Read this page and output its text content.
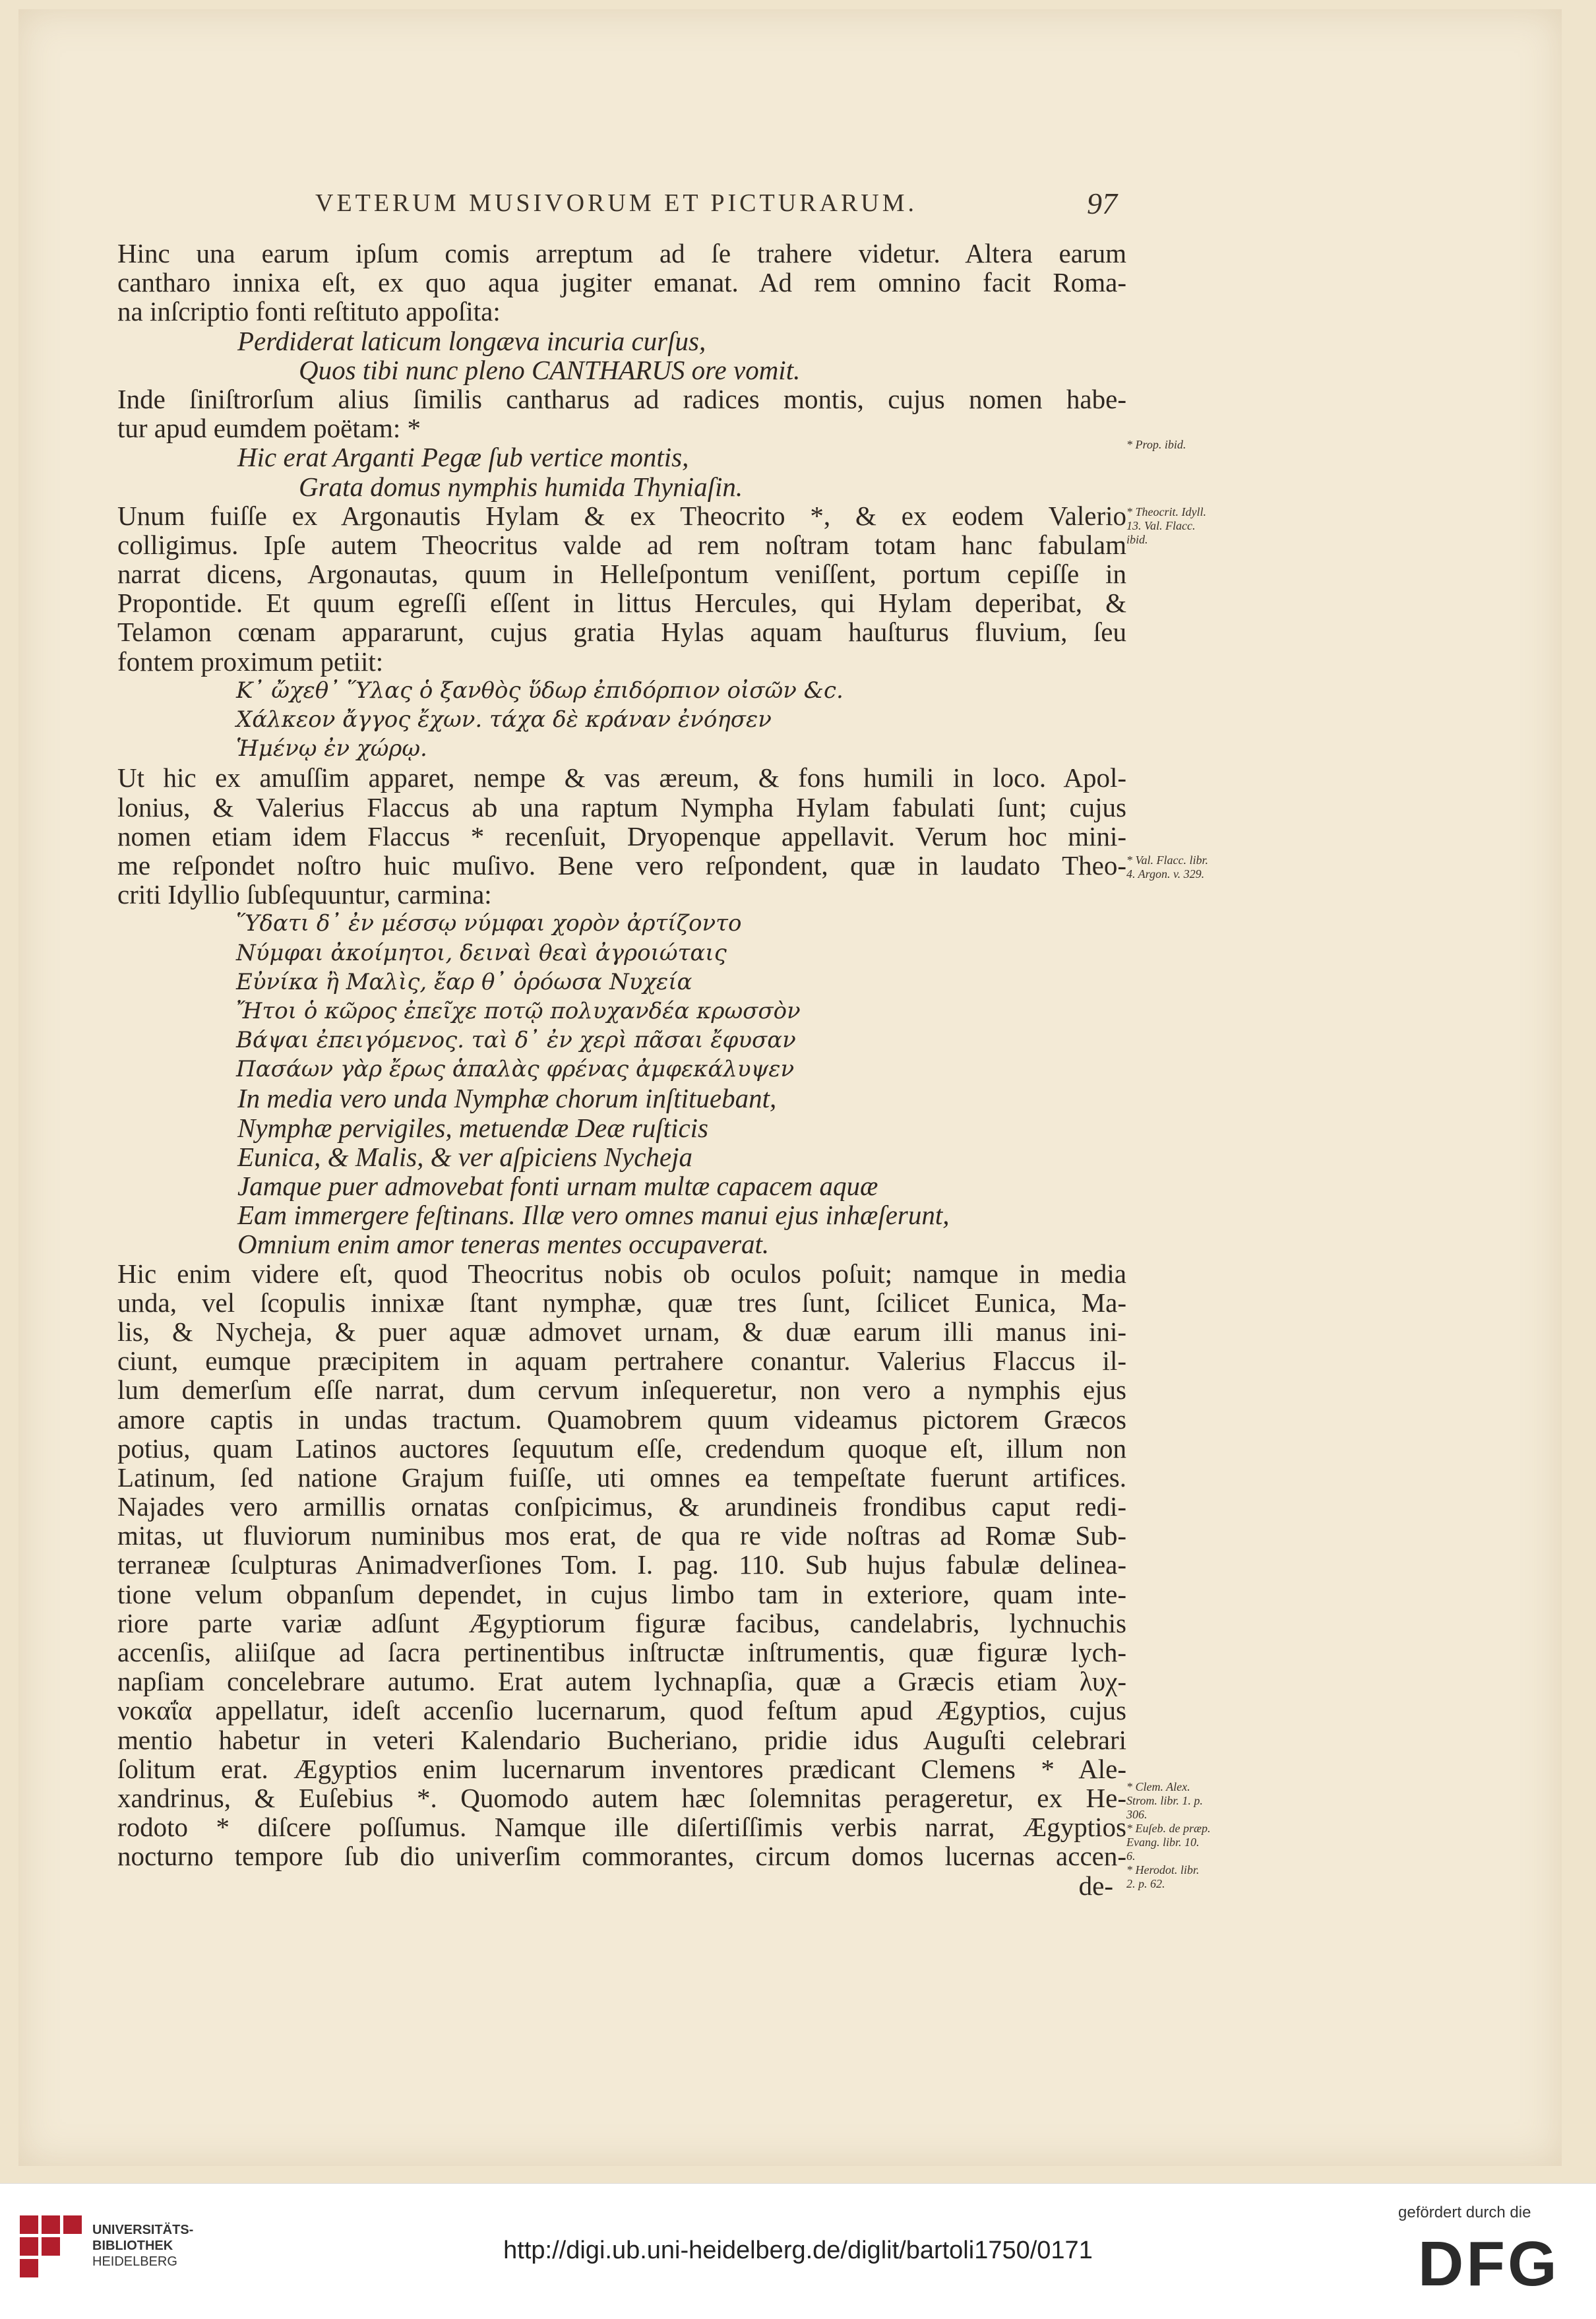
VETERUM MUSIVORUM ET PICTURARUM.	97
Hinc una earum ipſum comis arreptum ad ſe trahere videtur. Altera earum
cantharo innixa eſt, ex quo aqua jugiter emanat. Ad rem omnino facit Roma-
na inſcriptio fonti reſtituto appoſita:
Perdiderat laticum longæva incuria curſus,
Quos tibi nunc pleno CANTHARUS ore vomit.
Inde ſiniſtrorſum alius ſimilis cantharus ad radices montis, cujus nomen habe-
tur apud eumdem poëtam: *
Hic erat Arganti Pegæ ſub vertice montis,
Grata domus nymphis humida Thyniaſin.
Unum fuiſſe ex Argonautis Hylam & ex Theocrito *, & ex eodem Valerio
colligimus. Ipſe autem Theocritus valde ad rem noſtram totam hanc fabulam
narrat dicens, Argonautas, quum in Helleſpontum veniſſent, portum cepiſſe in
Propontide. Et quum egreſſi eſſent in littus Hercules, qui Hylam deperibat, &
Telamon cœnam appararunt, cujus gratia Hylas aquam hauſturus fluvium, ſeu
fontem proximum petiit:
Κ᾽ ὤχεθ᾽ Ὕλας ὁ ξανθὸς ὕδωρ ἐπιδόρπιον οἰσῶν &c.
Χάλκεον ἄγγος ἔχων. τάχα δὲ κράναν ἐνόησεν
Ἡμένῳ ἐν χώρῳ.
Ut hic ex amuſſim apparet, nempe & vas æreum, & fons humili in loco. Apol-
lonius, & Valerius Flaccus ab una raptum Nympha Hylam fabulati ſunt; cujus
nomen etiam idem Flaccus * recenſuit, Dryopenque appellavit. Verum hoc mini-
me reſpondet noſtro huic muſivo. Bene vero reſpondent, quæ in laudato Theo-
criti Idyllio ſubſequuntur, carmina:
Ὕδατι δ᾽ ἐν μέσσῳ νύμφαι χορὸν ἀρτίζοντο
Νύμφαι ἀκοίμητοι, δειναὶ θεαὶ ἀγροιώταις
Εὐνίκα ἢ Μαλὶς, ἔαρ θ᾽ ὁρόωσα Νυχεία
Ἤτοι ὁ κῶρος ἐπεῖχε ποτῷ πολυχανδέα κρωσσὸν
Βάψαι ἐπειγόμενος. ταὶ δ᾽ ἐν χερὶ πᾶσαι ἔφυσαν
Πασάων γὰρ ἔρως ἁπαλὰς φρένας ἀμφεκάλυψεν
In media vero unda Nymphæ chorum inſtituebant,
Nymphæ pervigiles, metuendæ Deæ ruſticis
Eunica, & Malis, & ver aſpiciens Nycheja
Jamque puer admovebat fonti urnam multæ capacem aquæ
Eam immergere feſtinans. Illæ vero omnes manui ejus inhæſerunt,
Omnium enim amor teneras mentes occupaverat.
Hic enim videre eſt, quod Theocritus nobis ob oculos poſuit; namque in media
unda, vel ſcopulis innixæ ſtant nymphæ, quæ tres ſunt, ſcilicet Eunica, Ma-
lis, & Nycheja, & puer aquæ admovet urnam, & duæ earum illi manus ini-
ciunt, eumque præcipitem in aquam pertrahere conantur. Valerius Flaccus il-
lum demerſum eſſe narrat, dum cervum inſequeretur, non vero a nymphis ejus
amore captis in undas tractum. Quamobrem quum videamus pictorem Græcos
potius, quam Latinos auctores ſequutum eſſe, credendum quoque eſt, illum non
Latinum, ſed natione Grajum fuiſſe, uti omnes ea tempeſtate fuerunt artifices.
Najades vero armillis ornatas conſpicimus, & arundineis frondibus caput redi-
mitas, ut fluviorum numinibus mos erat, de qua re vide noſtras ad Romæ Sub-
terraneæ ſculpturas Animadverſiones Tom. I. pag. 110. Sub hujus fabulæ delinea-
tione velum obpanſum dependet, in cujus limbo tam in exteriore, quam inte-
riore parte variæ adſunt Ægyptiorum figuræ facibus, candelabris, lychnuchis
accenſis, aliiſque ad ſacra pertinentibus inſtructæ inſtrumentis, quæ figuræ lych-
napſiam concelebrare autumo. Erat autem lychnapſia, quæ a Græcis etiam λυχ-
νοκαΐα appellatur, ideſt accenſio lucernarum, quod feſtum apud Ægyptios, cujus
mentio habetur in veteri Kalendario Bucheriano, pridie idus Auguſti celebrari
ſolitum erat. Ægyptios enim lucernarum inventores prædicant Clemens * Ale-
xandrinus, & Euſebius *. Quomodo autem hæc ſolemnitas perageretur, ex He-
rodoto * diſcere poſſumus. Namque ille diſertiſſimis verbis narrat, Ægyptios
nocturno tempore ſub dio univerſim commorantes, circum domos lucernas accen-
de-
* Prop. ibid.
* Theocrit. Idyll.
13. Val. Flacc.
ibid.
* Val. Flacc. libr.
4. Argon. v. 329.
* Clem. Alex.
Strom. libr. 1. p.
306.
* Euſeb. de præp.
Evang. libr. 10.
6.
* Herodot. libr.
2. p. 62.
UNIVERSITÄTS-
BIBLIOTHEK
HEIDELBERG	http://digi.ub.uni-heidelberg.de/diglit/bartoli1750/0171
gefördert durch die
DFG
